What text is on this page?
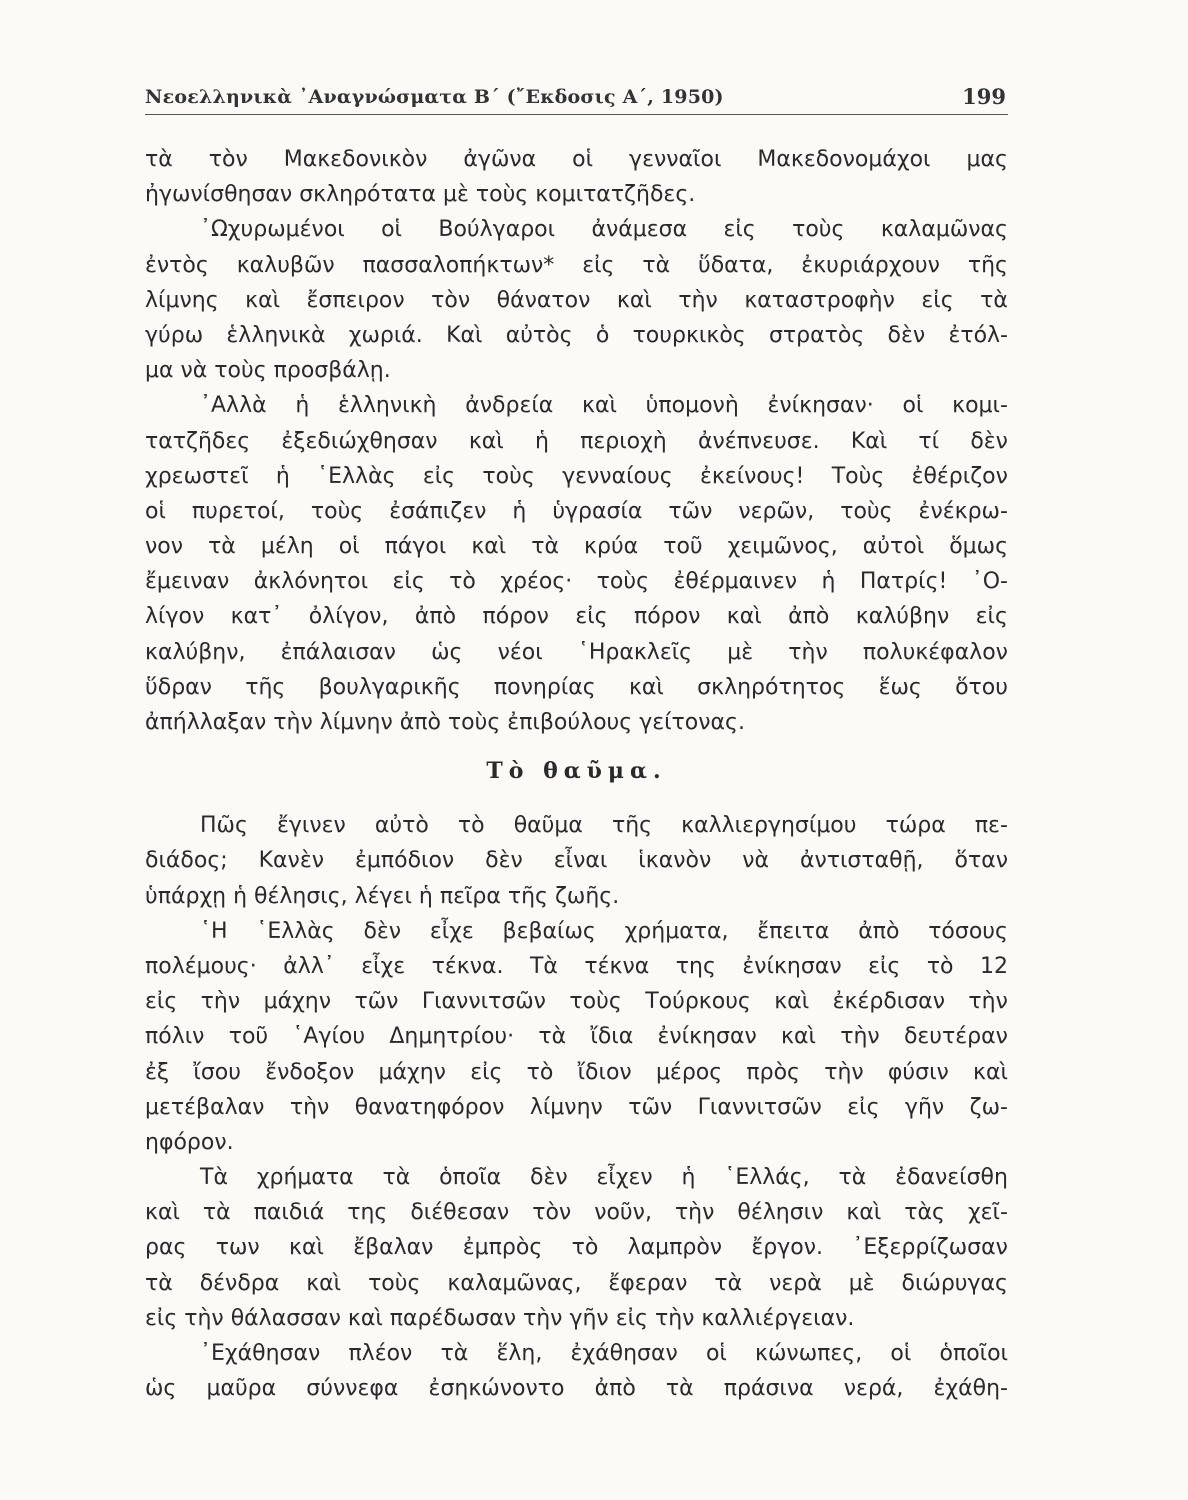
Νεοελληνικὰ ᾽Αναγνώσματα Β΄ (῎Εκδοσις Α΄, 1950)	199
τὰ τὸν Μακεδονικὸν ἀγῶνα οἱ γενναῖοι Μακεδονομάχοι μας
ἠγωνίσθησαν σκληρότατα μὲ τοὺς κομιτατζῆδες.
᾽Ωχυρωμένοι οἱ Βούλγαροι ἀνάμεσα εἰς τοὺς καλαμῶνας
ἐντὸς καλυβῶν πασσαλοπήκτων* εἰς τὰ ὕδατα, ἐκυριάρχουν τῆς
λίμνης καὶ ἔσπειρον τὸν θάνατον καὶ τὴν καταστροφὴν εἰς τὰ
γύρω ἑλληνικὰ χωριά. Καὶ αὐτὸς ὁ τουρκικὸς στρατὸς δὲν ἐτόλ-
μα νὰ τοὺς προσβάλῃ.
᾽Αλλὰ ἡ ἑλληνικὴ ἀνδρεία καὶ ὑπομονὴ ἐνίκησαν· οἱ κομι-
τατζῆδες ἐξεδιώχθησαν καὶ ἡ περιοχὴ ἀνέπνευσε. Καὶ τί δὲν
χρεωστεῖ ἡ ῾Ελλὰς εἰς τοὺς γενναίους ἐκείνους! Τοὺς ἐθέριζον
οἱ πυρετοί, τοὺς ἐσάπιζεν ἡ ὑγρασία τῶν νερῶν, τοὺς ἐνέκρω-
νον τὰ μέλη οἱ πάγοι καὶ τὰ κρύα τοῦ χειμῶνος, αὐτοὶ ὅμως
ἔμειναν ἀκλόνητοι εἰς τὸ χρέος· τοὺς ἐθέρμαινεν ἡ Πατρίς! ᾽Ο-
λίγον κατ᾽ ὀλίγον, ἀπὸ πόρον εἰς πόρον καὶ ἀπὸ καλύβην εἰς
καλύβην, ἐπάλαισαν ὡς νέοι ῾Ηρακλεῖς μὲ τὴν πολυκέφαλον
ὕδραν τῆς βουλγαρικῆς πονηρίας καὶ σκληρότητος ἕως ὅτου
ἀπήλλαξαν τὴν λίμνην ἀπὸ τοὺς ἐπιβούλους γείτονας.
Τὸ θαῦμα.
Πῶς ἔγινεν αὐτὸ τὸ θαῦμα τῆς καλλιεργησίμου τώρα πε-
διάδος; Κανὲν ἐμπόδιον δὲν εἶναι ἱκανὸν νὰ ἀντισταθῇ, ὅταν
ὑπάρχῃ ἡ θέλησις, λέγει ἡ πεῖρα τῆς ζωῆς.
῾Η ῾Ελλὰς δὲν εἶχε βεβαίως χρήματα, ἔπειτα ἀπὸ τόσους
πολέμους· ἀλλ᾽ εἶχε τέκνα. Τὰ τέκνα της ἐνίκησαν εἰς τὸ 12
εἰς τὴν μάχην τῶν Γιαννιτσῶν τοὺς Τούρκους καὶ ἐκέρδισαν τὴν
πόλιν τοῦ ῾Αγίου Δημητρίου· τὰ ἴδια ἐνίκησαν καὶ τὴν δευτέραν
ἐξ ἴσου ἔνδοξον μάχην εἰς τὸ ἴδιον μέρος πρὸς τὴν φύσιν καὶ
μετέβαλαν τὴν θανατηφόρον λίμνην τῶν Γιαννιτσῶν εἰς γῆν ζω-
ηφόρον.
Τὰ χρήματα τὰ ὁποῖα δὲν εἶχεν ἡ ῾Ελλάς, τὰ ἐδανείσθη
καὶ τὰ παιδιά της διέθεσαν τὸν νοῦν, τὴν θέλησιν καὶ τὰς χεῖ-
ρας των καὶ ἔβαλαν ἐμπρὸς τὸ λαμπρὸν ἔργον. ᾽Εξερρίζωσαν
τὰ δένδρα καὶ τοὺς καλαμῶνας, ἔφεραν τὰ νερὰ μὲ διώρυγας
εἰς τὴν θάλασσαν καὶ παρέδωσαν τὴν γῆν εἰς τὴν καλλιέργειαν.
᾽Εχάθησαν πλέον τὰ ἕλη, ἐχάθησαν οἱ κώνωπες, οἱ ὁποῖοι
ὡς μαῦρα σύννεφα ἐσηκώνοντο ἀπὸ τὰ πράσινα νερά, ἐχάθη-
